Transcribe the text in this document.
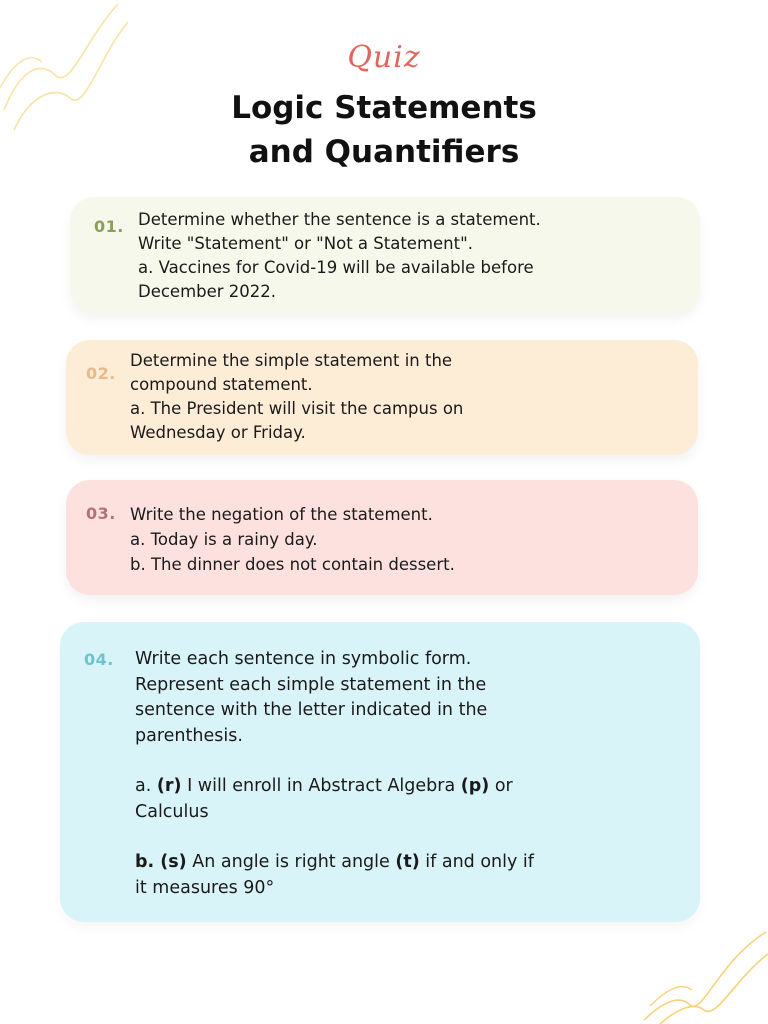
Quiz
Logic Statements
and Quantifiers
01. Determine whether the sentence is a statement.

Write "Statement" or "Not a Statement".

a. Vaccines for Covid-19 will be available before

December 2022.

02.

Determine the simple statement in the

compound statement.

a. The President will visit the campus on

Wednesday or Friday.

03. Write the negation of the statement.

a. Today is a rainy day.

b. The dinner does not contain dessert.

04. Write each sentence in symbolic form.

Represent each simple statement in the

sentence with the letter indicated in the

parenthesis.

a. (r) I will enroll in Abstract Algebra (p) or

Calculus

b. (s) An angle is right angle (t) if and only if

it measures 90°
